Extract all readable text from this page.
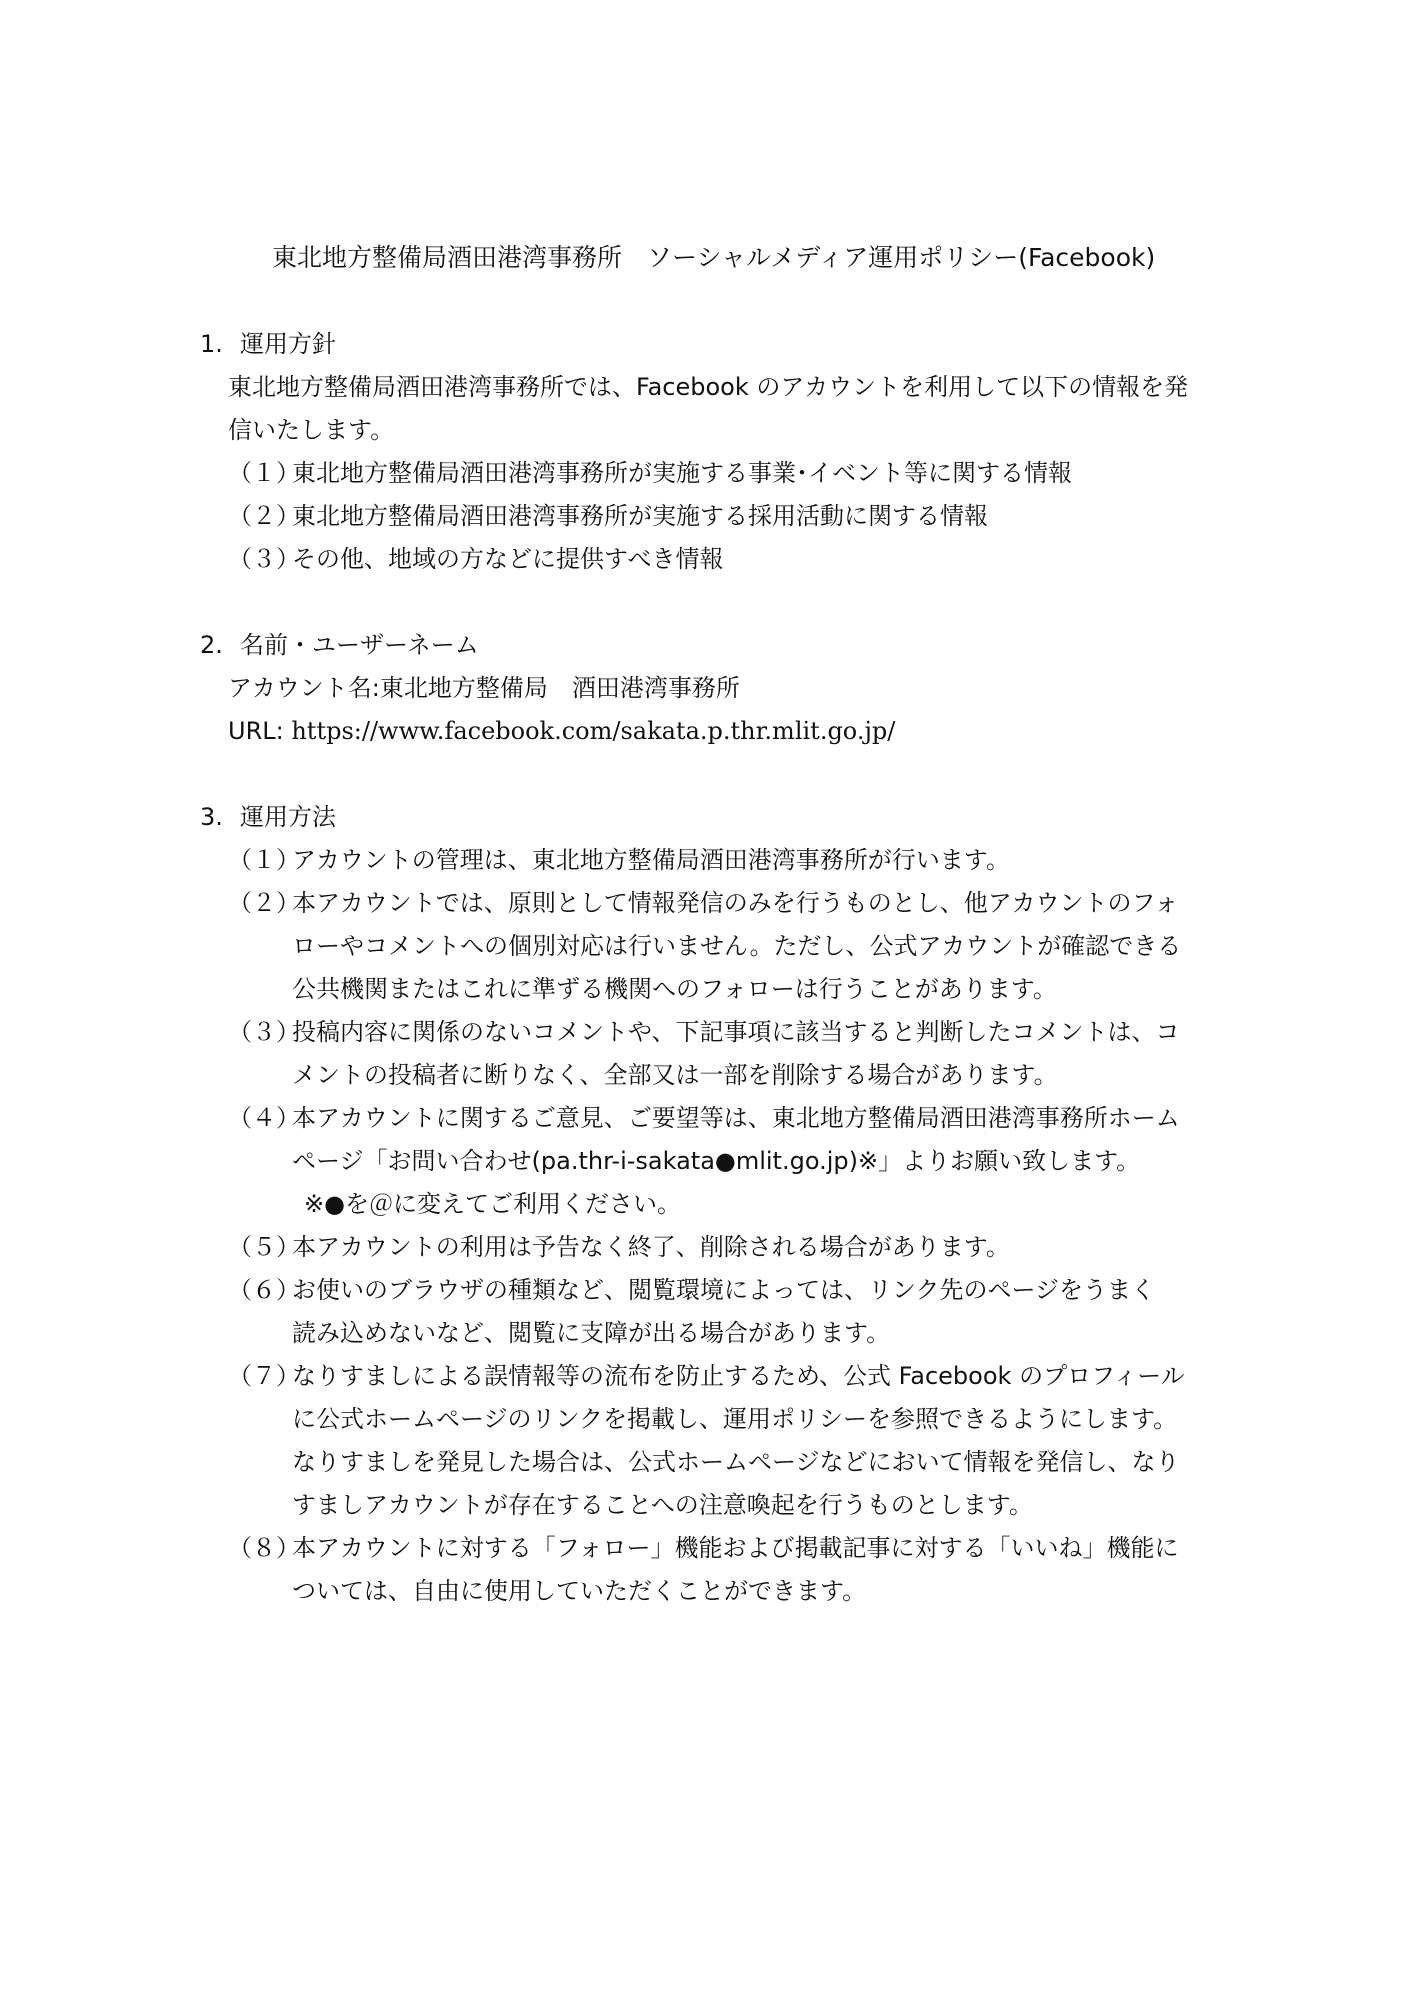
東北地方整備局酒田港湾事務所　ソーシャルメディア運用ポリシー(Facebook)
1. 運用方針
東北地方整備局酒田港湾事務所では、Facebook のアカウントを利用して以下の情報を発
信いたします。
（１）
東北地方整備局酒田港湾事務所が実施する事業･イベント等に関する情報
（２）
東北地方整備局酒田港湾事務所が実施する採用活動に関する情報
（３）
その他、地域の方などに提供すべき情報
2. 名前・ユーザーネーム
アカウント名:東北地方整備局　酒田港湾事務所
URL: https://www.facebook.com/sakata.p.thr.mlit.go.jp/
3. 運用方法
（１）
アカウントの管理は、東北地方整備局酒田港湾事務所が行います。
（２）
本アカウントでは、原則として情報発信のみを行うものとし、他アカウントのフォ
ローやコメントへの個別対応は行いません。ただし、公式アカウントが確認できる
公共機関またはこれに準ずる機関へのフォローは行うことがあります。
（３）
投稿内容に関係のないコメントや、下記事項に該当すると判断したコメントは、コ
メントの投稿者に断りなく、全部又は一部を削除する場合があります。
（４）
本アカウントに関するご意見、ご要望等は、東北地方整備局酒田港湾事務所ホーム
ページ「お問い合わせ(pa.thr-i-sakata●mlit.go.jp)※」よりお願い致します。
※●を＠に変えてご利用ください。
（５）
本アカウントの利用は予告なく終了、削除される場合があります。
（６）
お使いのブラウザの種類など、閲覧環境によっては、リンク先のページをうまく
読み込めないなど、閲覧に支障が出る場合があります。
（７）
なりすましによる誤情報等の流布を防止するため、公式 Facebook のプロフィール
に公式ホームページのリンクを掲載し、運用ポリシーを参照できるようにします。
なりすましを発見した場合は、公式ホームページなどにおいて情報を発信し、なり
すましアカウントが存在することへの注意喚起を行うものとします。
（８）
本アカウントに対する「フォロー」機能および掲載記事に対する「いいね」機能に
ついては、自由に使用していただくことができます。
